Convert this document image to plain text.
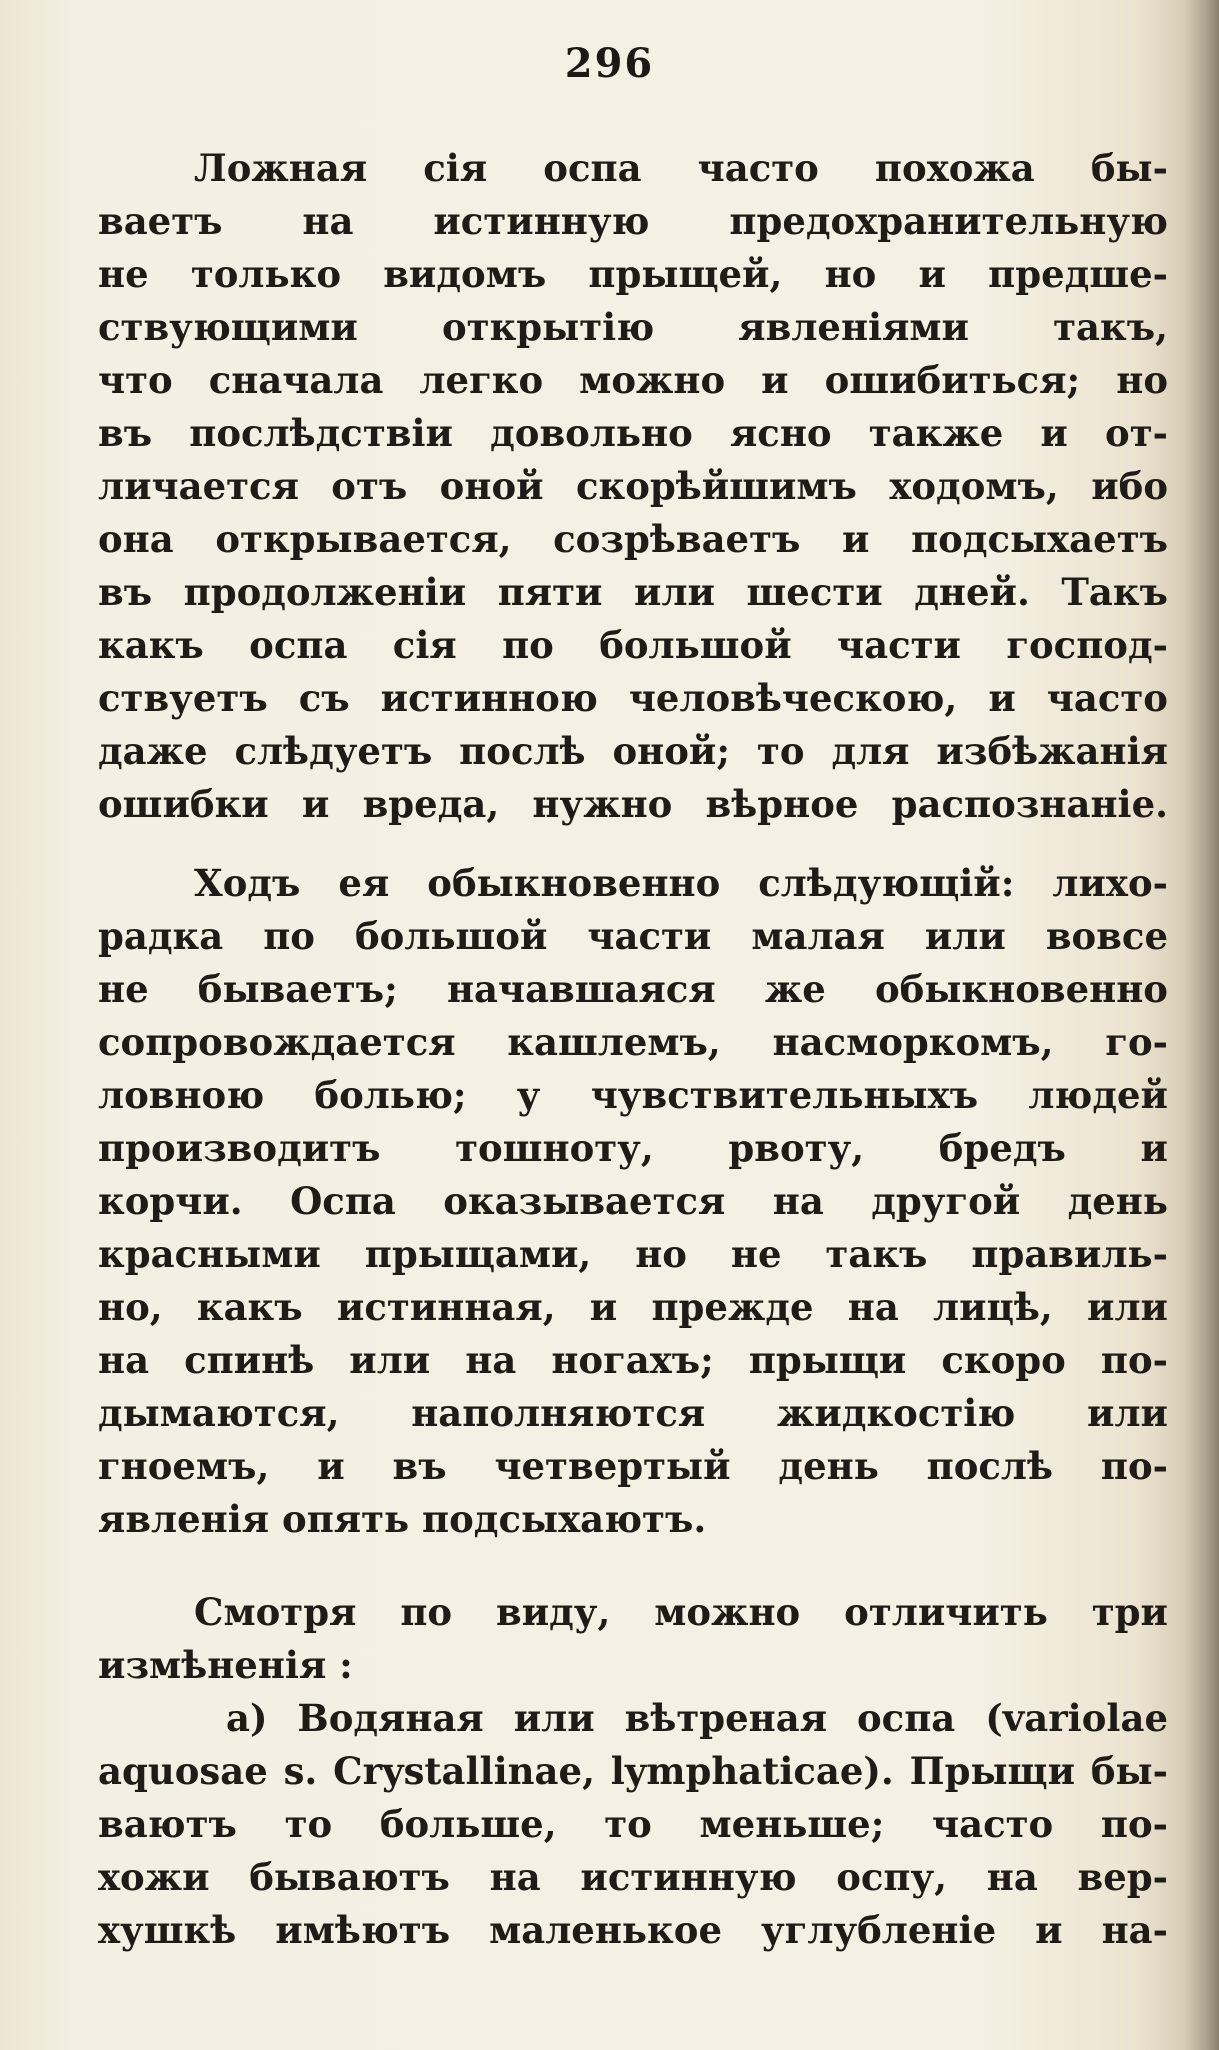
296
Ложная сія оспа часто похожа бы-
ваетъ на истинную предохранительную
не только видомъ прыщей, но и предше-
ствующими открытію явленіями такъ,
что сначала легко можно и ошибиться; но
въ послѣдствіи довольно ясно также и от-
личается отъ оной скорѣйшимъ ходомъ, ибо
она открывается, созрѣваетъ и подсыхаетъ
въ продолженіи пяти или шести дней. Такъ
какъ оспа сія по большой части господ-
ствуетъ съ истинною человѣческою, и часто
даже слѣдуетъ послѣ оной; то для избѣжанія
ошибки и вреда, нужно вѣрное распознаніе.
Ходъ ея обыкновенно слѣдующій: лихо-
радка по большой части малая или вовсе
не бываетъ; начавшаяся же обыкновенно
сопровождается кашлемъ, насморкомъ, го-
ловною болью; у чувствительныхъ людей
производитъ тошноту, рвоту, бредъ и
корчи. Оспа оказывается на другой день
красными прыщами, но не такъ правиль-
но, какъ истинная, и прежде на лицѣ, или
на спинѣ или на ногахъ; прыщи скоро по-
дымаются, наполняются жидкостію или
гноемъ, и въ четвертый день послѣ по-
явленія опять подсыхаютъ.
Смотря по виду, можно отличить три
измѣненія :
а) Водяная или вѣтреная оспа (variolae
aquosae s. Crystallinae, lymphaticae). Прыщи бы-
ваютъ то больше, то меньше; часто по-
хожи бываютъ на истинную оспу, на вер-
хушкѣ имѣютъ маленькое углубленіе и на-
